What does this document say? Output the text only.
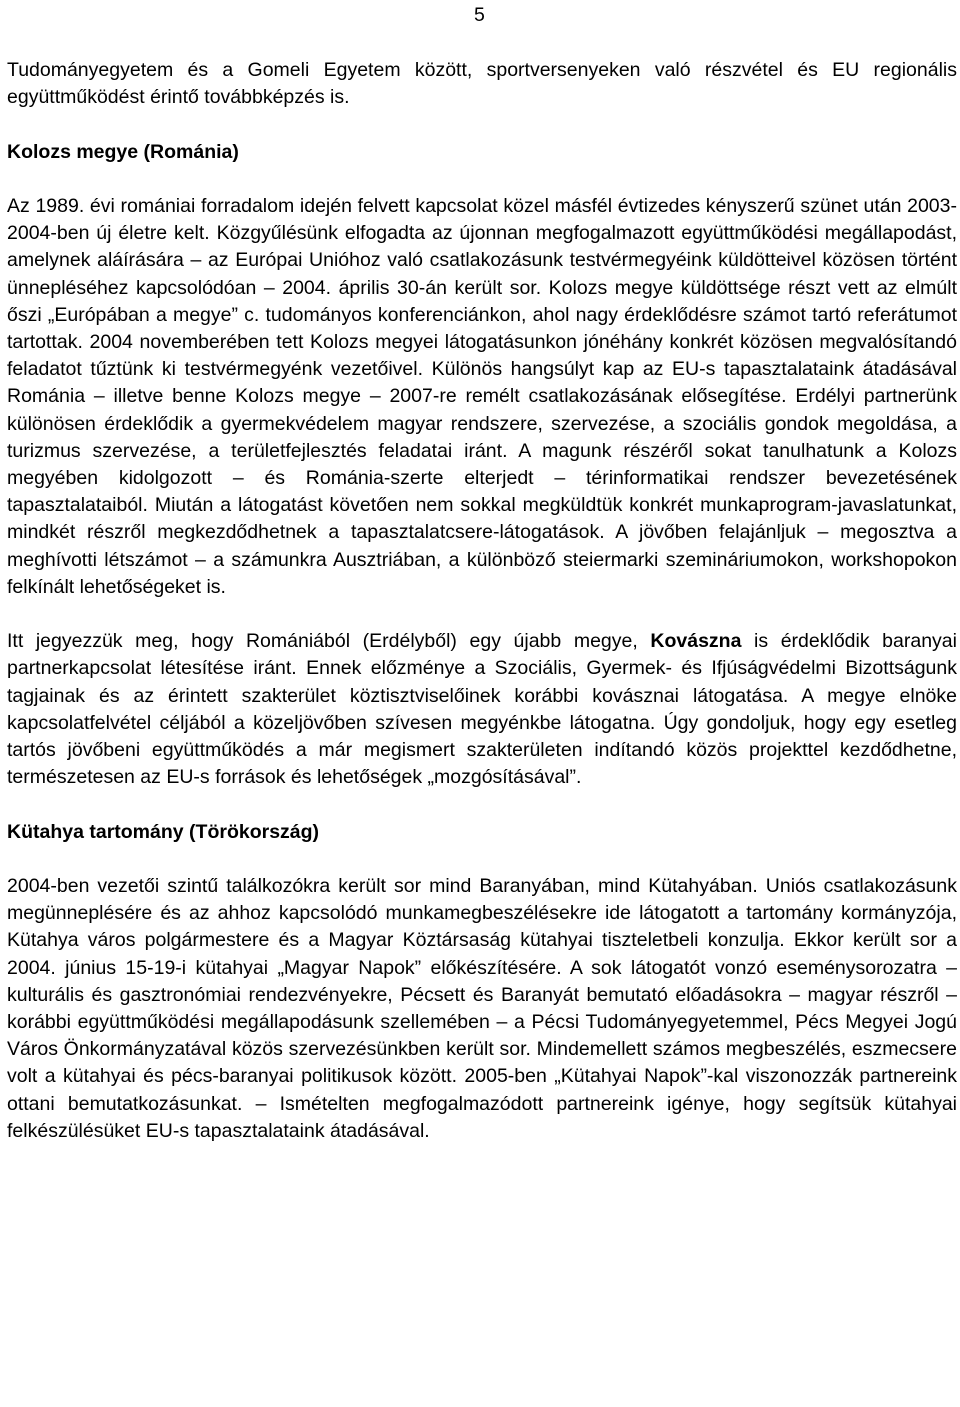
5

Tudományegyetem és a Gomeli Egyetem között, sportversenyeken való részvétel és EU regionális együttműködést érintő továbbképzés is.

Kolozs megye (Románia)

Az 1989. évi romániai forradalom idején felvett kapcsolat közel másfél évtizedes kényszerű szünet után 2003-2004-ben új életre kelt. Közgyűlésünk elfogadta az újonnan megfogalmazott együttműködési megállapodást, amelynek aláírására – az Európai Unióhoz való csatlakozásunk testvérmegyéink küldötteivel közösen történt ünnepléséhez kapcsolódóan – 2004. április 30-án került sor. Kolozs megye küldöttsége részt vett az elmúlt őszi „Európában a megye” c. tudományos konferenciánkon, ahol nagy érdeklődésre számot tartó referátumot tartottak. 2004 novemberében tett Kolozs megyei látogatásunkon jónéhány konkrét közösen megvalósítandó feladatot tűztünk ki testvérmegyénk vezetőivel. Különös hangsúlyt kap az EU-s tapasztalataink átadásával Románia – illetve benne Kolozs megye – 2007-re remélt csatlakozásának elősegítése. Erdélyi partnerünk különösen érdeklődik a gyermekvédelem magyar rendszere, szervezése, a szociális gondok megoldása, a turizmus szervezése, a területfejlesztés feladatai iránt. A magunk részéről sokat tanulhatunk a Kolozs megyében kidolgozott – és Románia-szerte elterjedt – térinformatikai rendszer bevezetésének tapasztalataiból. Miután a látogatást követően nem sokkal megküldtük konkrét munkaprogram-javaslatunkat, mindkét részről megkezdődhetnek a tapasztalatcsere-látogatások. A jövőben felajánljuk – megosztva a meghívotti létszámot – a számunkra Ausztriában, a különböző steiermarki szemináriumokon, workshopokon felkínált lehetőségeket is.

Itt jegyezzük meg, hogy Romániából (Erdélyből) egy újabb megye, Kovászna is érdeklődik baranyai partnerkapcsolat létesítése iránt. Ennek előzménye a Szociális, Gyermek- és Ifjúságvédelmi Bizottságunk tagjainak és az érintett szakterület köztisztviselőinek korábbi kovásznai látogatása. A megye elnöke kapcsolatfelvétel céljából a közeljövőben szívesen megyénkbe látogatna. Úgy gondoljuk, hogy egy esetleg tartós jövőbeni együttműködés a már megismert szakterületen indítandó közös projekttel kezdődhetne, természetesen az EU-s források és lehetőségek „mozgósításával”.

Kütahya tartomány (Törökország)

2004-ben vezetői szintű találkozókra került sor mind Baranyában, mind Kütahyában. Uniós csatlakozásunk megünneplésére és az ahhoz kapcsolódó munkamegbeszélésekre ide látogatott a tartomány kormányzója, Kütahya város polgármestere és a Magyar Köztársaság kütahyai tiszteletbeli konzulja. Ekkor került sor a 2004. június 15-19-i kütahyai „Magyar Napok” előkészítésére. A sok látogatót vonzó eseménysorozatra – kulturális és gasztronómiai rendezvényekre, Pécsett és Baranyát bemutató előadásokra – magyar részről – korábbi együttműködési megállapodásunk szellemében – a Pécsi Tudományegyetemmel, Pécs Megyei Jogú Város Önkormányzatával közös szervezésünkben került sor. Mindemellett számos megbeszélés, eszmecsere volt a kütahyai és pécs-baranyai politikusok között. 2005-ben „Kütahyai Napok”-kal viszonozzák partnereink ottani bemutatkozásunkat. – Ismételten megfogalmazódott partnereink igénye, hogy segítsük kütahyai felkészülésüket EU-s tapasztalataink átadásával.
